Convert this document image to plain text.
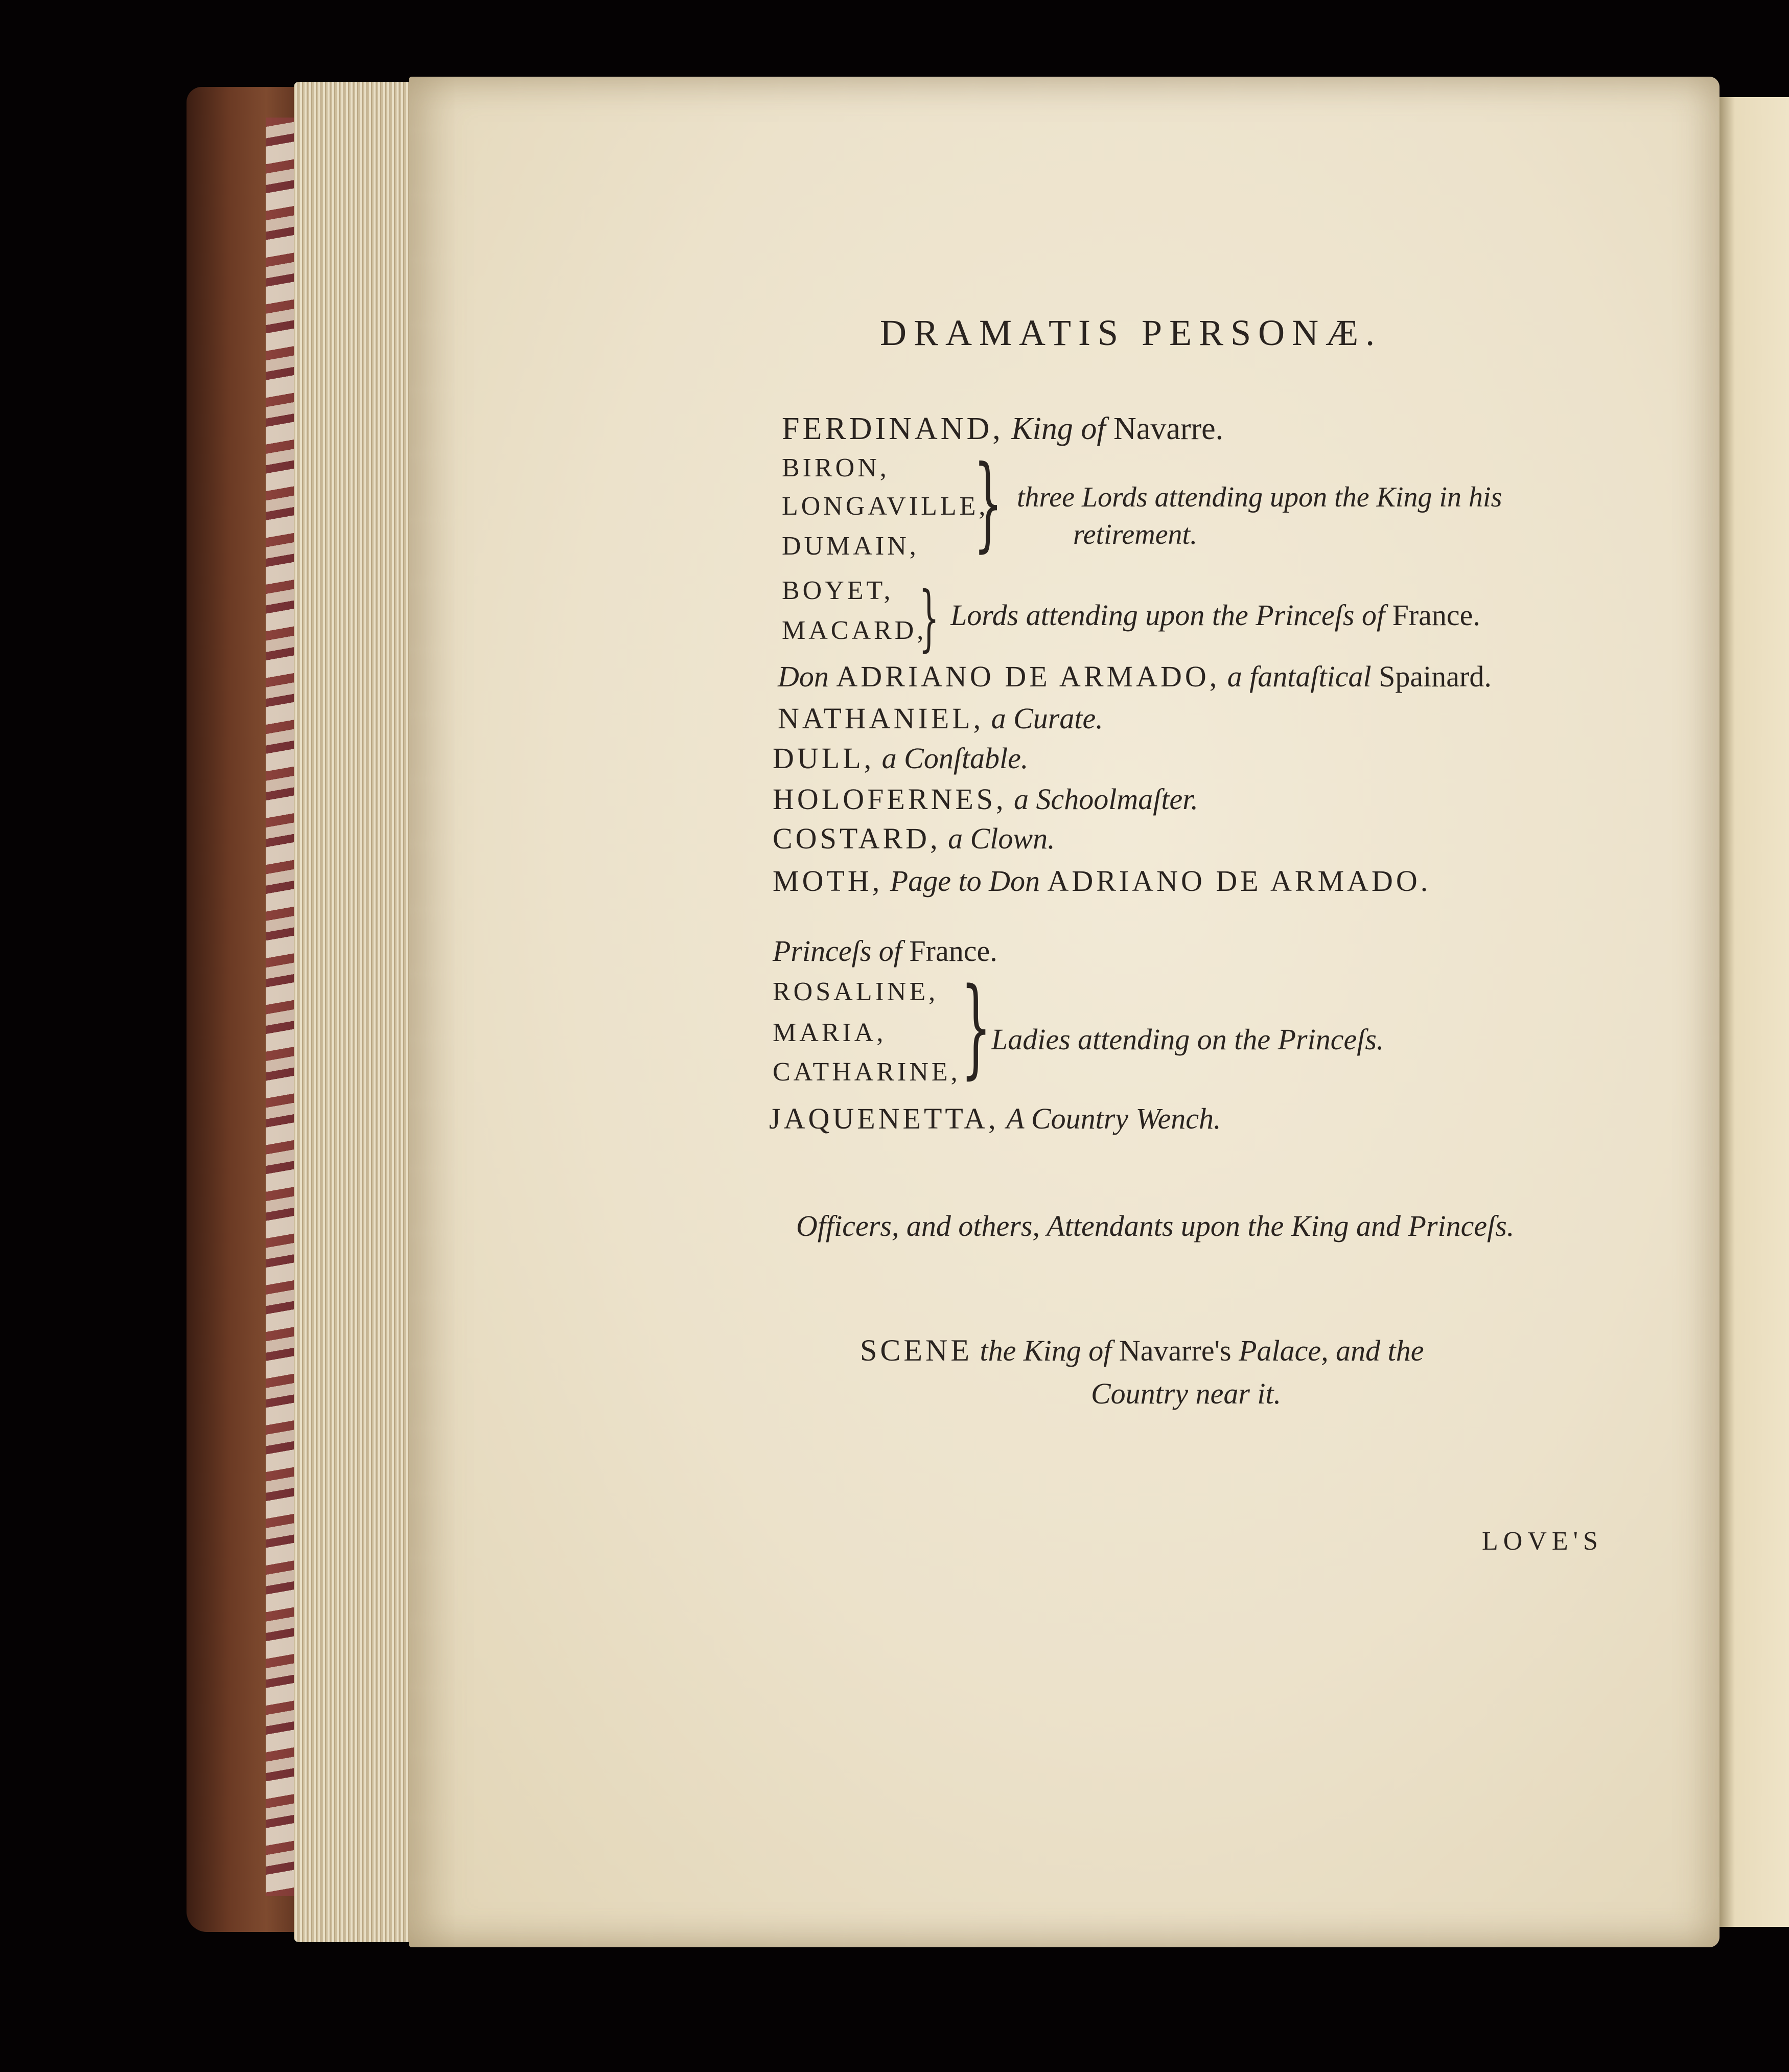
DRAMATIS PERSONÆ.
FERDINAND, King of Navarre.
BIRON,
LONGAVILLE,
DUMAIN, } three Lords attending upon the King in his
retirement.
BOYET,
MACARD,
} Lords attending upon the Princeſs of France.
Don ADRIANO DE ARMADO, a fantaſtical Spainard.
NATHANIEL, a Curate.
DULL, a Conſtable.
HOLOFERNES, a Schoolmaſter.
COSTARD, a Clown.
MOTH, Page to Don ADRIANO DE ARMADO.
Princeſs of France.
ROSALINE,
MARIA,
CATHARINE, } Ladies attending on the Princeſs.
JAQUENETTA, A Country Wench.
Officers, and others, Attendants upon the King and Princeſs.
SCENE the King of Navarre's Palace, and the
Country near it.
LOVE'S
